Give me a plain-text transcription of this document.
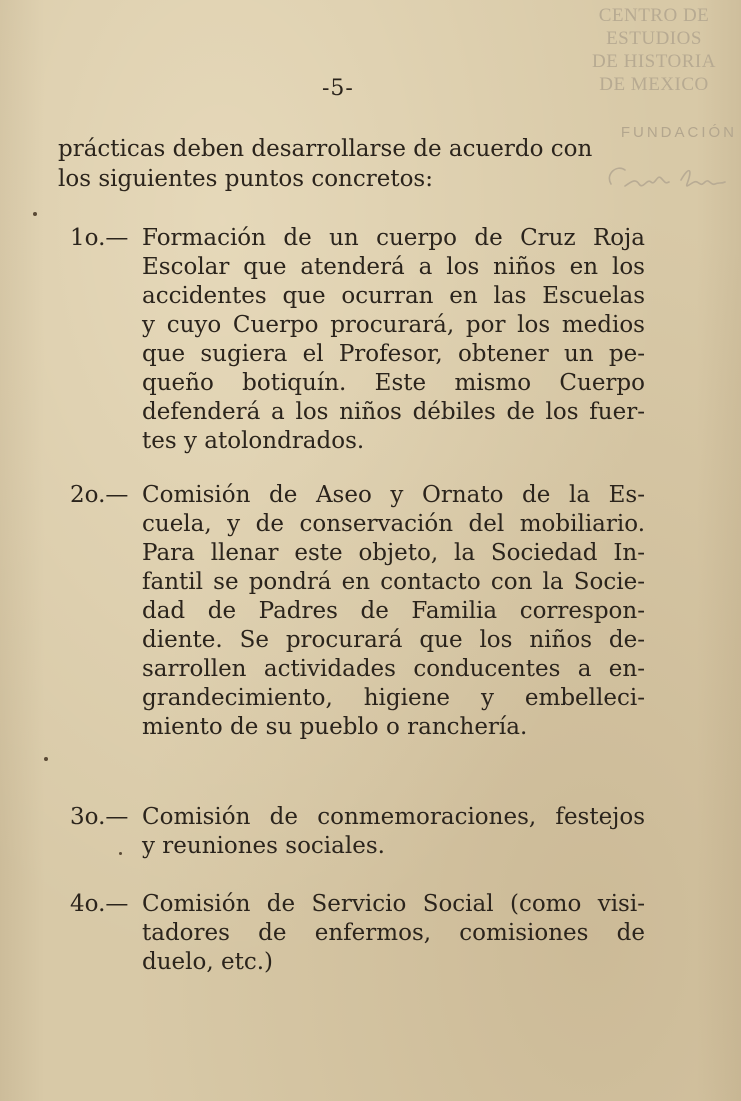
CENTRO DE
ESTUDIOS
DE HISTORIA
DE MEXICO
FUNDACIÓN
-5-
prácticas deben desarrollarse de acuerdo con
los siguientes puntos concretos:
1o.— Formación de un cuerpo de Cruz Roja
Escolar que atenderá a los niños en los
accidentes que ocurran en las Escuelas
y cuyo Cuerpo procurará, por los medios
que sugiera el Profesor, obtener un pe-
queño botiquín. Este mismo Cuerpo
defenderá a los niños débiles de los fuer-
tes y atolondrados.
2o.— Comisión de Aseo y Ornato de la Es-
cuela, y de conservación del mobiliario.
Para llenar este objeto, la Sociedad In-
fantil se pondrá en contacto con la Socie-
dad de Padres de Familia correspon-
diente. Se procurará que los niños de-
sarrollen actividades conducentes a en-
grandecimiento, higiene y embelleci-
miento de su pueblo o ranchería.
3o.— Comisión de conmemoraciones, festejos
y reuniones sociales.
4o.— Comisión de Servicio Social (como visi-
tadores de enfermos, comisiones de
duelo, etc.)
